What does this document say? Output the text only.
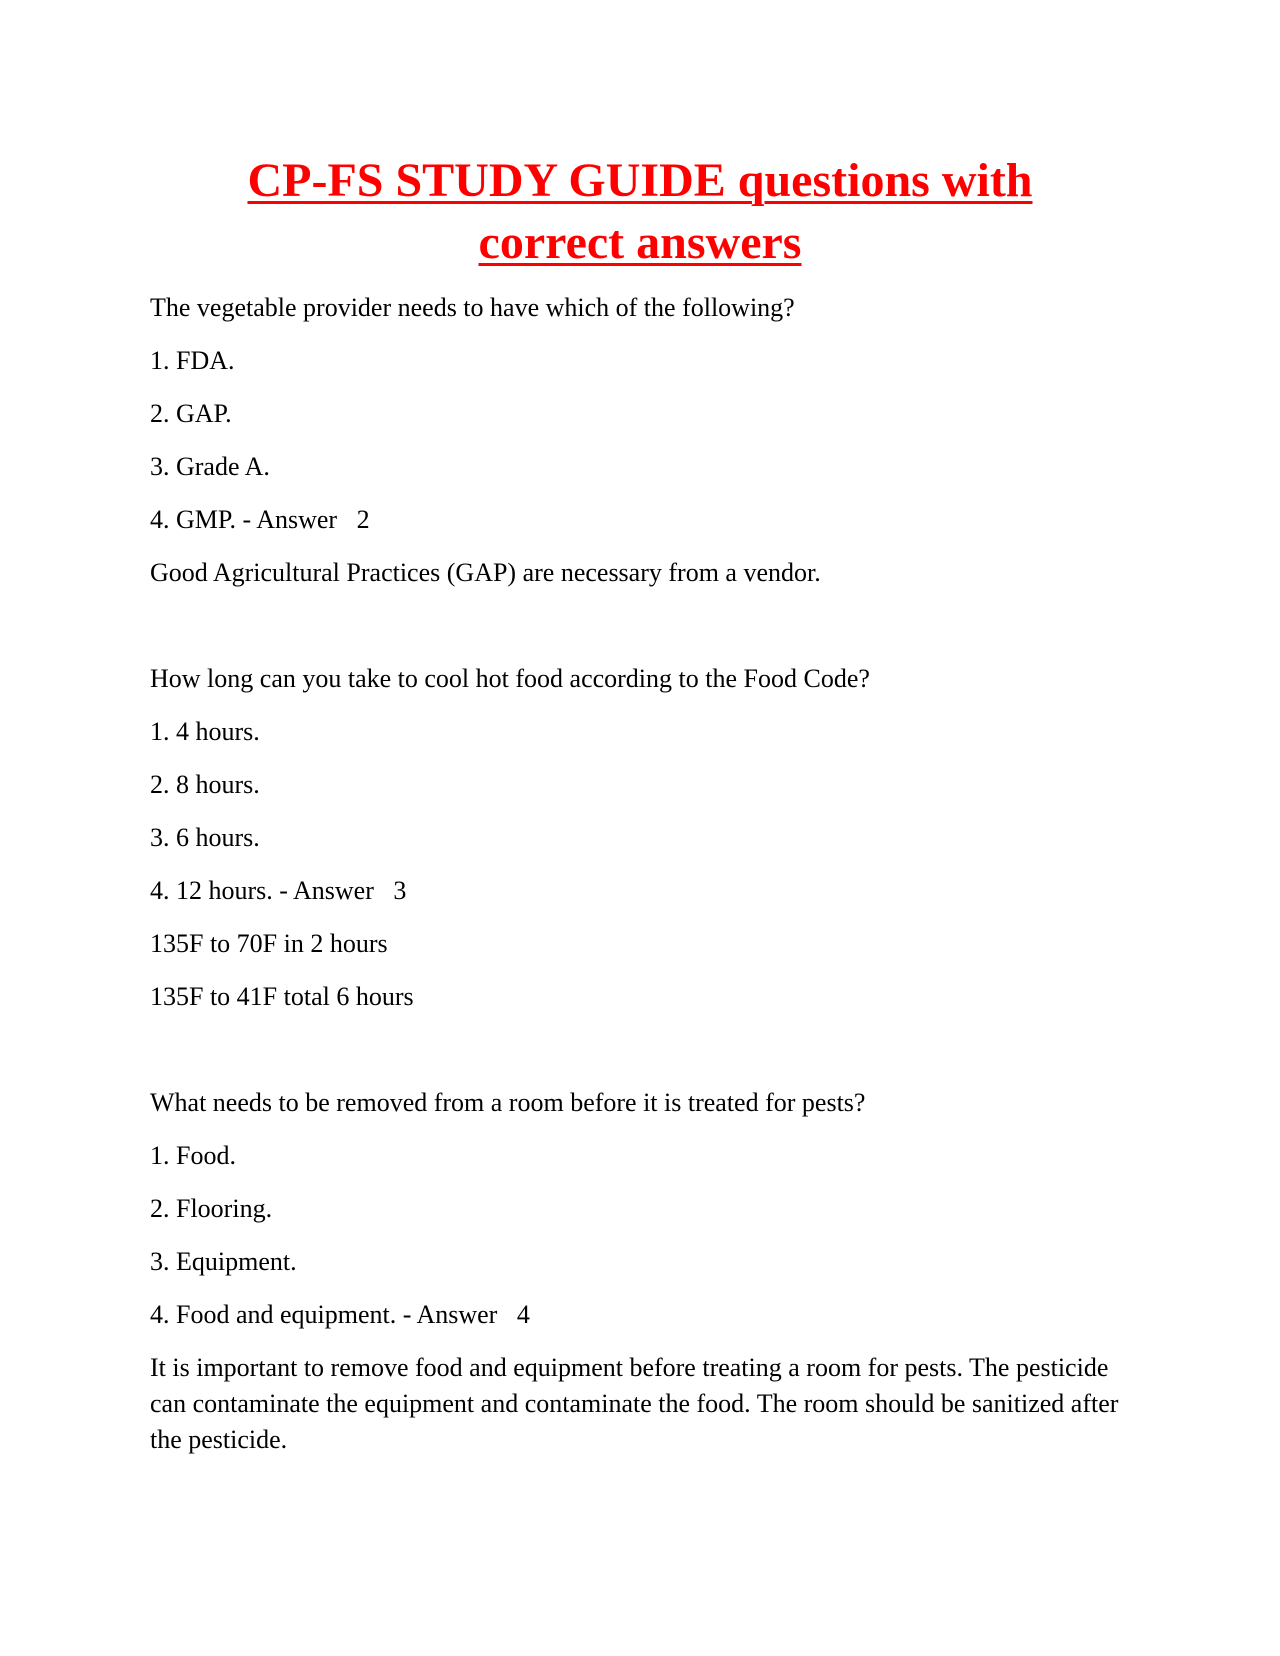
CP-FS STUDY GUIDE questions with
correct answers

The vegetable provider needs to have which of the following?

1. FDA.

2. GAP.

3. Grade A.

4. GMP. - Answer   2

Good Agricultural Practices (GAP) are necessary from a vendor.

How long can you take to cool hot food according to the Food Code?

1. 4 hours.

2. 8 hours.

3. 6 hours.

4. 12 hours. - Answer   3

135F to 70F in 2 hours

135F to 41F total 6 hours

What needs to be removed from a room before it is treated for pests?

1. Food.

2. Flooring.

3. Equipment.

4. Food and equipment. - Answer   4

It is important to remove food and equipment before treating a room for pests. The pesticide can contaminate the equipment and contaminate the food. The room should be sanitized after the pesticide.
